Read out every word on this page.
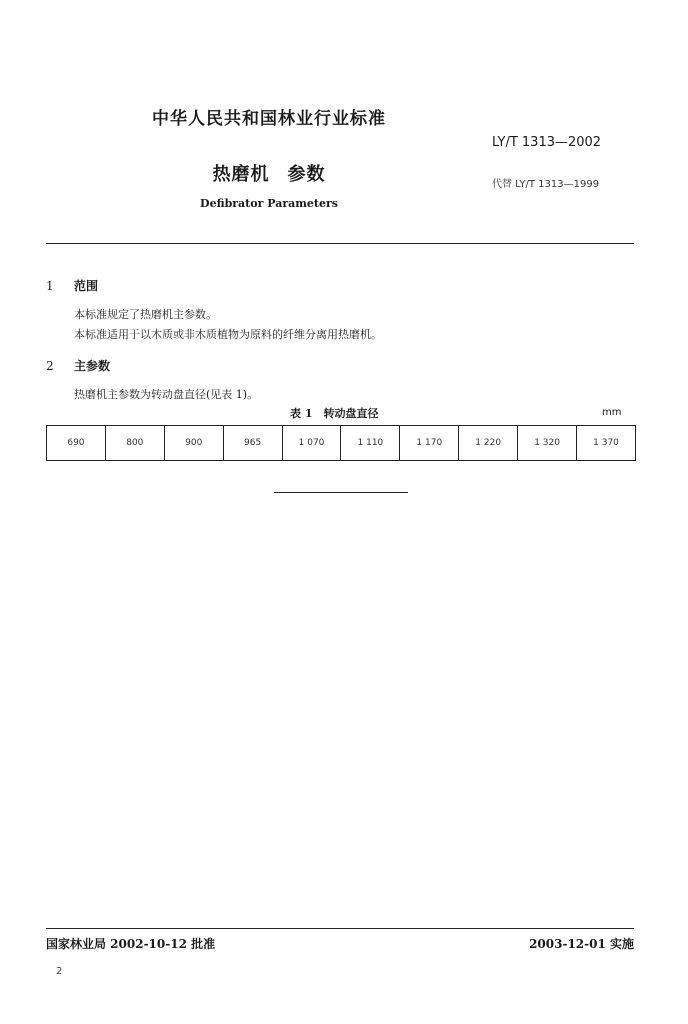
中华人民共和国林业行业标准
LY/T 1313—2002
热磨机 参数	代替 LY/T 1313—1999
Defibrator Parameters
1 范围
本标准规定了热磨机主参数。
本标准适用于以木质或非木质植物为原料的纤维分离用热磨机。
2 主参数
热磨机主参数为转动盘直径(见表 1)。
表 1　转动盘直径	mm
690	800	900	965	1 070	1 110	1 170	1 220	1 320	1 370
国家林业局 2002-10-12 批准	2003-12-01 实施
2
